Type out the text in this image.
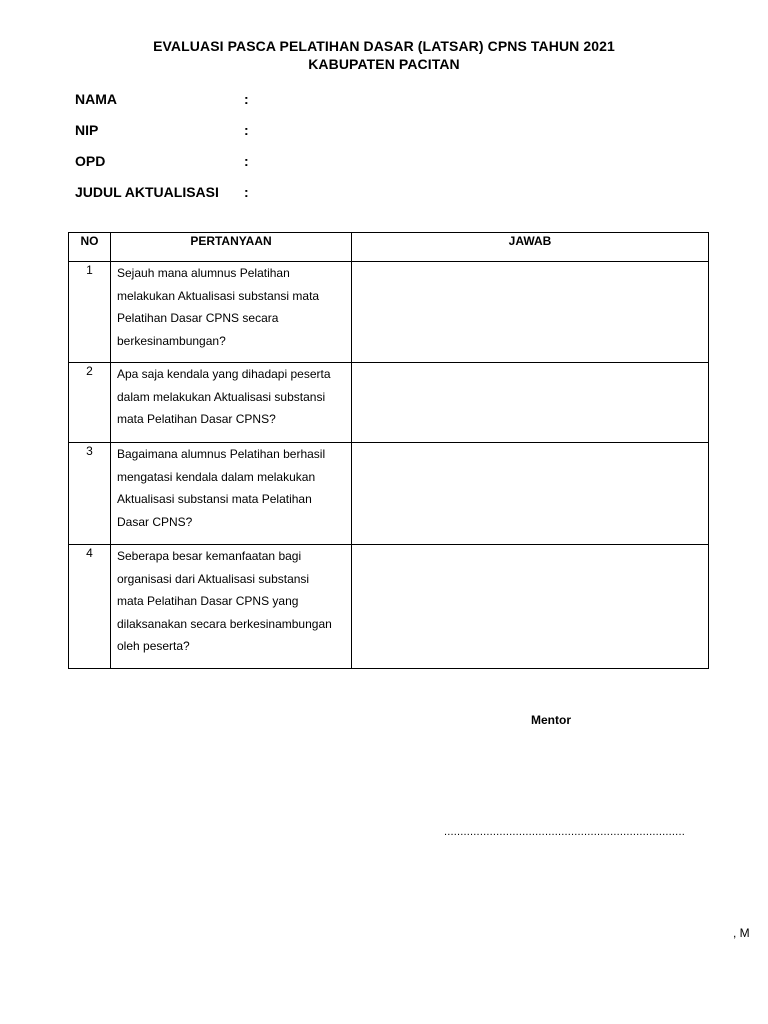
EVALUASI PASCA PELATIHAN DASAR (LATSAR) CPNS TAHUN 2021
KABUPATEN PACITAN
NAMA	:
NIP	:
OPD	:
JUDUL AKTUALISASI :
NO	PERTANYAAN	JAWAB
1	Sejauh mana alumnus Pelatihan
melakukan Aktualisasi substansi mata
Pelatihan Dasar CPNS secara
berkesinambungan?	

2	Apa saja kendala yang dihadapi peserta
dalam melakukan Aktualisasi substansi
mata Pelatihan Dasar CPNS?	

3	Bagaimana alumnus Pelatihan berhasil
mengatasi kendala dalam melakukan
Aktualisasi substansi mata Pelatihan
Dasar CPNS?	

4	Seberapa besar kemanfaatan bagi
organisasi dari Aktualisasi substansi
mata Pelatihan Dasar CPNS yang
dilaksanakan secara berkesinambungan
oleh peserta?	

Mentor
..........................................................................
, M
